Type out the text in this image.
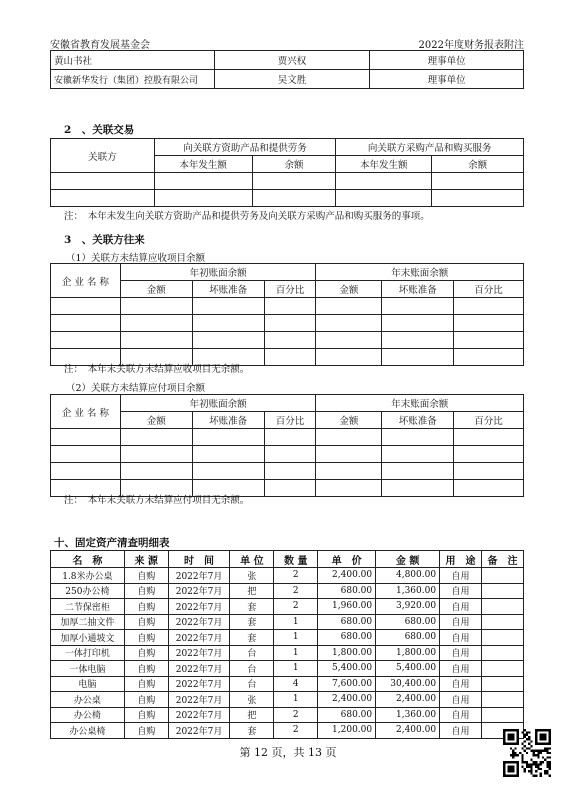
安徽省教育发展基金会	2022年度财务报表附注
黄山书社	贾兴权	理事单位
安徽新华发行（集团）控股有限公司	吴文胜	理事单位
2　、关联交易
关联方	向关联方资助产品和提供劳务		向关联方采购产品和购买服务	
	本年发生额	余额	本年发生额	余额

注：　本年未发生向关联方资助产品和提供劳务及向关联方采购产品和购买服务的事项。
3　、关联方往来
（1）关联方未结算应收项目余额
企 业 名 称	年初账面余额			年末账面余额		
	金额	坏账准备	百分比	金额	坏账准备	百分比

注：　本年末关联方未结算应收项目无余额。
（2）关联方未结算应付项目余额
企 业 名 称	年初账面余额			年末账面余额		
	金额	坏账准备	百分比	金额	坏账准备	百分比

注：　本年末关联方未结算应付项目无余额。
十、固定资产清查明细表
名　称	来 源	时　间	单 位	数 量	单　价	金 额	用　途	备　注
1.8米办公桌	自购	2022年7月	张	2	2,400.00	4,800.00	自用	
250办公椅	自购	2022年7月	把	2	680.00	1,360.00	自用	
二节保密柜	自购	2022年7月	套	2	1,960.00	3,920.00	自用	
加厚二抽文件	自购	2022年7月	套	1	680.00	680.00	自用	
加厚小通坡文	自购	2022年7月	套	1	680.00	680.00	自用	
一体打印机	自购	2022年7月	台	1	1,800.00	1,800.00	自用	
一体电脑	自购	2022年7月	台	1	5,400.00	5,400.00	自用	
电脑	自购	2022年7月	台	4	7,600.00	30,400.00	自用	
办公桌	自购	2022年7月	张	1	2,400.00	2,400.00	自用	
办公椅	自购	2022年7月	把	2	680.00	1,360.00	自用	
办公桌椅	自购	2022年7月	套	2	1,200.00	2,400.00	自用	
第 12 页，共 13 页
